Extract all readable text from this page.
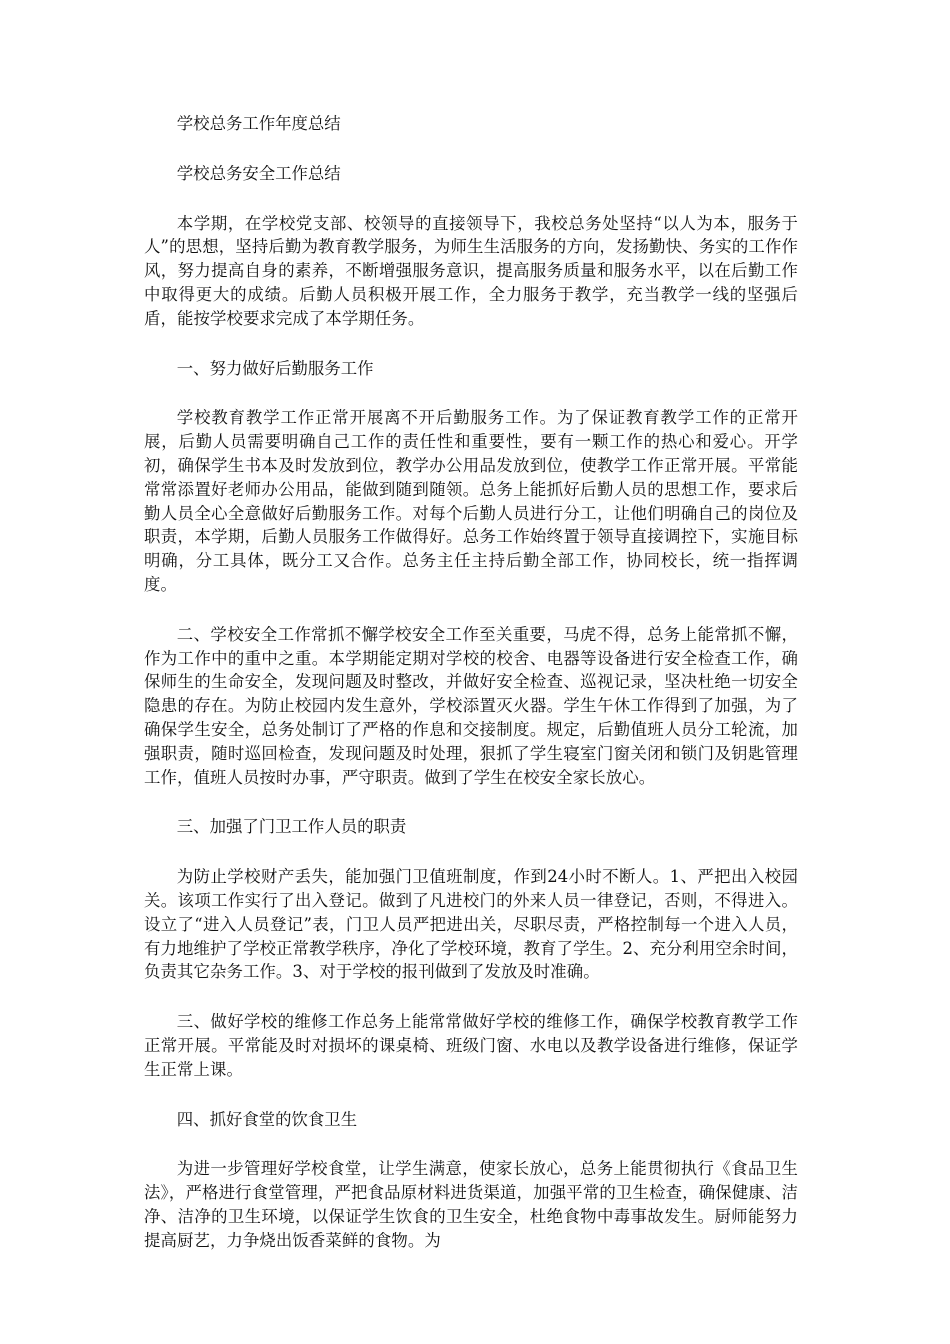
学校总务工作年度总结

学校总务安全工作总结

本学期，在学校党支部、校领导的直接领导下，我校总务处坚持“以人为本，服务于人”的思想，坚持后勤为教育教学服务，为师生生活服务的方向，发扬勤快、务实的工作作风，努力提高自身的素养，不断增强服务意识，提高服务质量和服务水平，以在后勤工作中取得更大的成绩。后勤人员积极开展工作，全力服务于教学，充当教学一线的坚强后盾，能按学校要求完成了本学期任务。

一、努力做好后勤服务工作

学校教育教学工作正常开展离不开后勤服务工作。为了保证教育教学工作的正常开展，后勤人员需要明确自己工作的责任性和重要性，要有一颗工作的热心和爱心。开学初，确保学生书本及时发放到位，教学办公用品发放到位，使教学工作正常开展。平常能常常添置好老师办公用品，能做到随到随领。总务上能抓好后勤人员的思想工作，要求后勤人员全心全意做好后勤服务工作。对每个后勤人员进行分工，让他们明确自己的岗位及职责，本学期，后勤人员服务工作做得好。总务工作始终置于领导直接调控下，实施目标明确，分工具体，既分工又合作。总务主任主持后勤全部工作，协同校长，统一指挥调度。

二、学校安全工作常抓不懈学校安全工作至关重要，马虎不得，总务上能常抓不懈，作为工作中的重中之重。本学期能定期对学校的校舍、电器等设备进行安全检查工作，确保师生的生命安全，发现问题及时整改，并做好安全检查、巡视记录，坚决杜绝一切安全隐患的存在。为防止校园内发生意外，学校添置灭火器。学生午休工作得到了加强，为了确保学生安全，总务处制订了严格的作息和交接制度。规定，后勤值班人员分工轮流，加强职责，随时巡回检查，发现问题及时处理，狠抓了学生寝室门窗关闭和锁门及钥匙管理工作，值班人员按时办事，严守职责。做到了学生在校安全家长放心。

三、加强了门卫工作人员的职责

为防止学校财产丢失，能加强门卫值班制度，作到24小时不断人。1、严把出入校园关。该项工作实行了出入登记。做到了凡进校门的外来人员一律登记，否则，不得进入。设立了“进入人员登记”表，门卫人员严把进出关，尽职尽责，严格控制每一个进入人员，有力地维护了学校正常教学秩序，净化了学校环境，教育了学生。2、充分利用空余时间，负责其它杂务工作。3、对于学校的报刊做到了发放及时准确。

三、做好学校的维修工作总务上能常常做好学校的维修工作，确保学校教育教学工作正常开展。平常能及时对损坏的课桌椅、班级门窗、水电以及教学设备进行维修，保证学生正常上课。

四、抓好食堂的饮食卫生

为进一步管理好学校食堂，让学生满意，使家长放心，总务上能贯彻执行《食品卫生法》，严格进行食堂管理，严把食品原材料进货渠道，加强平常的卫生检查，确保健康、洁净、洁净的卫生环境，以保证学生饮食的卫生安全，杜绝食物中毒事故发生。厨师能努力提高厨艺，力争烧出饭香菜鲜的食物。为
